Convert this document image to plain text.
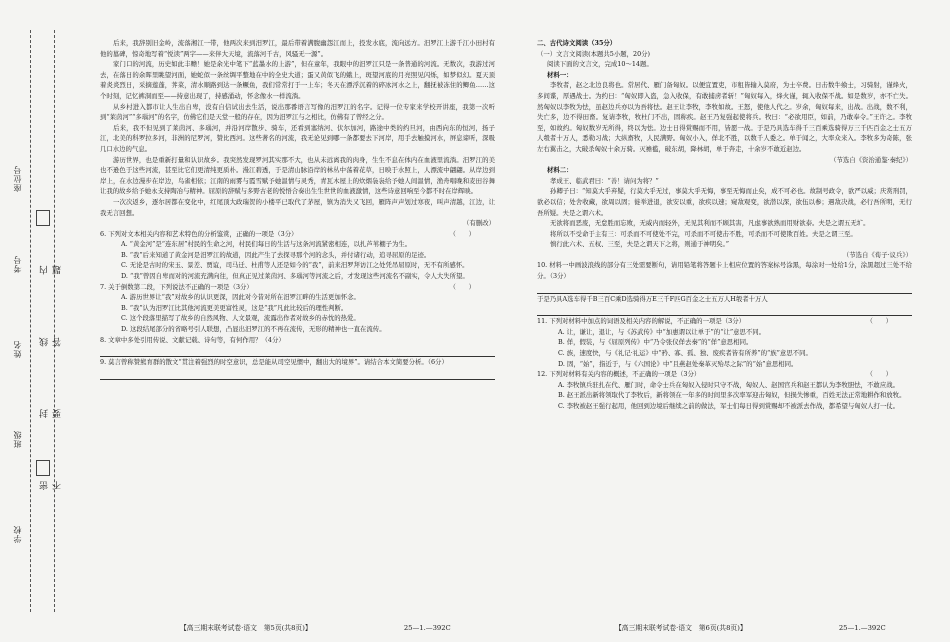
学校
班级
姓名
考号
座位号
密 封 线 内 不 要 答 题

后来，我辞别旧金岭，流落湘江一带，他两次来到汨罗江，最后带着满腹幽怨江而上，投发水底，流向远方。汨罗江上游千江小田村有他的墓碑，惊奇地写着“悦读”两字——来伴大天境，流落河千古，风骚无一源”。

家门口的河流，历史如此丰赡！她是余光中笔下“蓝墨水的上游”，但在童年，我眼中的汨罗江只是一条普通的河流。无数次，我游过河去，在落日的余晖里眺望河面，她蛇似一条丝绸平整地在中的全史大道；蛋又黄似飞的蛾上，斑望河底的月亮照见闪烁，如梦似幻。夏天顶着炎炎烈日，采摘莲蓬，荠菜，清水顺路到达一条鳜鱼，我们常常打于一上车；冬天在漂浮沉着的碎冰河水之上，翻抚被冻住的鲫鱼……这个时刻，记忆裤洞而至——持意出现了，持感涌动，怀念像水一样流淌。

从乡村进入都市让人生出自卑，没有自信试出去生活，说出那番语言写像的汨罗江的名字。记得一位专家来学校开讲座，我第一次听到“莱茵河”“多瑙河”的名字，仿佛它们是天堂一般的存在，因为汨罗江与之相比，仿佛有了曾经之分。

后来，我不但见到了莱茵河、多瑙河，并沿河岸散步、骑车，还看到塞纳河、伏尔加河，路途中类的约旦河，由西向东的恒河，扬子江，北美的科罗拉多河，非洲的尼罗河，赞比西河。这些著名的河流，我无论见到哪一条都要去下河岸，用手去触摸河水，屏息谛听，深吸几口水边的气息。

游历世界，也是重新打量和认识故乡。我突然发现罗河其实那不大，也从未远离我的肉身，生生不息在体内在血液里流淌。汨罗江的美也不逊色于这些河流，甚至比它们更清纯更质朴。漫江碧透，于是清山脉沿岸的林丛中荡着花草，日映于水照上，人漂流中翩翩。从岸边到岸上，在水边漫步在岸边，鸟雀相依；江南的雨雾与霞雪赋予她温情与灵秀，青瓦木屋上的炊烟袅袅给予她人间温情，渔舟唱晚和麦田谷舞让我的故乡给予她永支持陶冶与精神。屈原的辞赋与多野古老的悦悟合奏出生生世世的血液激情，这些诗意回响至今都不时在岸辉映。

一次次返乡，逐尔居都在变化中，红尾顶大政瑞贺的小楼平已取代了茅屋，镇为消失又飞回，雁阵声声划过寒夜，叫声清越，江边，让我无言回想。

（有删改）

6. 下列对文本相关内容和艺术特色的分析鉴赏，正确的一项是（3分）	（　　）

A. “黄金河”是“连东居”村民的生命之河，村民们每日的生活与这条河流紧密相连，以扎芦苇棚子为生。

B. “我”后来知道了黄金河是汨罗江的故道，因此产生了去探寻那个河的念头，并付诸行动，追寻屈原的足迹。

C. 无论是古时的宋玉、景差、贾谊，司马迁、杜甫等人还是如今的“我”，前来汨罗拜访江之处凭吊屈原时，无不有所感怀。

D. “我”曾因自卑而对的河流充满向往，但真正见过莱茵河、多瑙河等河流之后，才发现这些河流名不副实，令人大失所望。

7. 关于倒数第二段，下列说法不正确的一项是（3分）	（　　）

A. 游历世界让“我”对故乡的认识更深，因此对今昔对所在汨罗江畔的生活更加怀念。

B. “我”认为汨罗江比其他河流更美更富性灵，这是“我”凡此比较后的理性判断。

C. 这个段落里描写了故乡的自然风物、人文景观，流露出作者对故乡的赤忱的热爱。

D. 这段结尾部分的省略号引人联想，凸显出汨罗江的不再在流传，无形的精神也一直在流传。

8. 文章中多处引用传说、文献记载、诗句等，有何作用？（4分）

9. 莫言曾称赞熊育群的散文“贯注着强烈的时空意识，总是能从司空见惯中，翻出大的境界”。请结合本文简要分析。（6分）

【高三期末联考试卷·语文　第5页(共8页)】	25—1.—392C

二、古代诗文阅读（35分）

（一）文言文阅读(本题共5小题，20分)

阅读下面的文言文，完成10～14题。

材料一：

李牧者，赵之北边良将也。常居代、雁门备匈奴。以便宜置吏，市租皆输入莫府，为士卒费。日击数牛飨士，习骑射，谨烽火，多间谍，厚遇战士。为约曰：“匈奴即入盗，急入收保，有敢捕虏者斩！”匈奴每入，烽火谨，辄入收保不战。如是数岁，亦不亡失。然匈奴以李牧为怯，虽赵边兵亦以为吾将怯。赵王让李牧，李牧如故。王怒，使他人代之。岁余，匈奴每来，出战。出战，数不利，失亡多，边不得田畜。复请李牧，牧杜门不出，固称疾。赵王乃复强起使将兵。牧曰：“必欲用臣，如前，乃敢奉令。”王许之。李牧至，如故约。匈奴数岁无所得，终以为怯。边士日得赏赐而不用，皆愿一战。于是乃具选车得千三百乘选骑得万三千匹百金之士五万人彀者十万人，悉勒习战；大纵畜牧，人民满野。匈奴小入，佯北不胜，以数千人委之。单于闻之，大率众来入。李牧多为奇陈，张左右翼击之，大破杀匈奴十余万骑。灭襜褴，破东胡，降林胡，单于奔走，十余岁不敢近赵边。

（节选自《资治通鉴·秦纪》）

材料二：

孝成王、临武君曰：“善！请问为将？”

孙卿子曰：“知莫大乎弃疑，行莫大乎无过，事莫大乎无悔，事至无悔而止矣，成不可必也。故制号政令，欲严以威；庆赏刑罚，欲必以信；处舍收藏，欲周以固；徙举进退，欲安以重，欲疾以速；窥敌观变，欲潜以深，欲伍以参；遇敌决战，必行吾所明，无行吾所疑。夫是之谓六术。

无欲将而恶废，无怠胜而忘败，无威内而轻外，无见其利而不顾其害，凡虑事欲熟而用财欲泰。夫是之谓五无圹。

将所以不受命于主有三：可杀而不可使处不完，可杀而不可使击不胜，可杀而不可使欺百姓。夫是之谓三至。

慎行此六术、五权、三至，夫是之谓天下之将，则通于神明矣。”

（节选自《荀子·议兵》）

10. 材料一中画波浪线的部分有三处需要断句，请用铅笔将答题卡上相应位置的答案标号涂黑，每涂对一处给1分，涂黑超过三处不给分。（3分）

于是乃具A选车得千B三百C乘D选骑得万E三千F匹G百金之士五万人H彀者十万人

11. 下列对材料中加点的词语及相关内容的解说，不正确的一项是（3分）	（　　）

A. 让，谦让，退让，与《苏武传》中“加惠谓以让单于”的“让”意思不同。

B. 佯，假装，与《屈原列传》中“乃令张仪佯去秦”的“佯”意思相同。

C. 族，速度快，与《礼记·礼运》中“矜、寡、孤、独、废疾者皆有所养”的“族”意思不同。

D. 固，“始”，指近于，与《六国论》中“且燕赵处秦革灭殆尽之际”的“始”意思相同。

12. 下列对材料有关内容的概述，不正确的一项是（3分）	（　　）

A. 李牧镇兵驻扎在代、雁门时，命令士兵在匈奴入侵时只守不战，匈奴人、赵国官兵和赵王都认为李牧胆怯，不敢应战。

B. 赵王派出新将领取代了李牧后，新将领在一年多的时间里多次率军迎击匈奴，但损失惨重，百姓无法正常地耕作和放牧。

C. 李牧被赵王强行起用，他回到边境后继续之前的做法，军士们每日得到赏赐却不被派去作战，都希望与匈奴人打一仗。

【高三期末联考试卷·语文　第6页(共8页)】	25—1.—392C
